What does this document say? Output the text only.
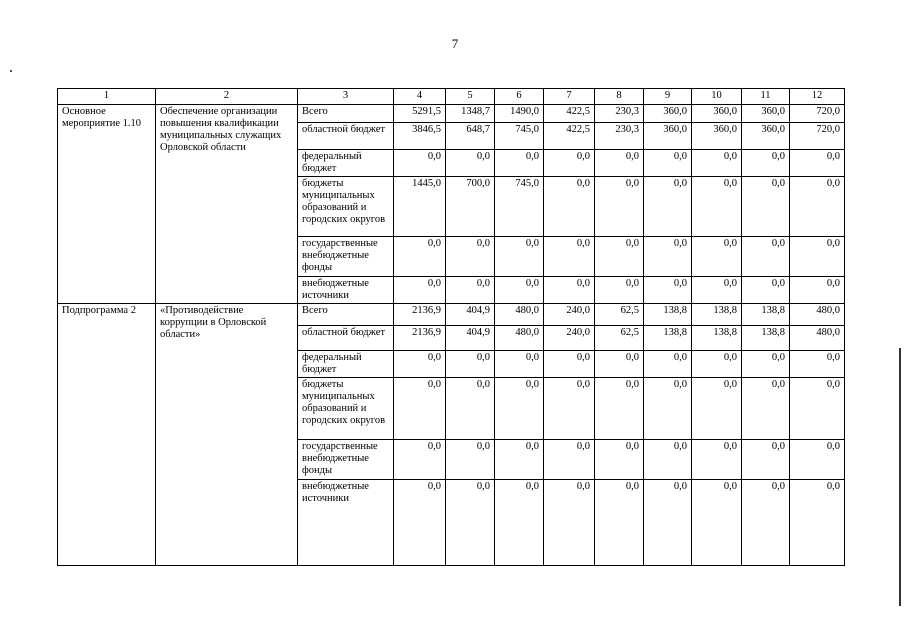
7
1	2	3	4	5	6	7	8	9	10	11	12
Основное мероприятие 1.10	Обеспечение организации повышения квалификации муниципальных служащих Орловской области	Всего	5291,5	1348,7	1490,0	422,5	230,3	360,0	360,0	360,0	720,0
		областной бюджет	3846,5	648,7	745,0	422,5	230,3	360,0	360,0	360,0	720,0
		федеральный бюджет	0,0	0,0	0,0	0,0	0,0	0,0	0,0	0,0	0,0
		бюджеты муниципальных образований и городских округов	1445,0	700,0	745,0	0,0	0,0	0,0	0,0	0,0	0,0
		государственные внебюджетные фонды	0,0	0,0	0,0	0,0	0,0	0,0	0,0	0,0	0,0
		внебюджетные источники	0,0	0,0	0,0	0,0	0,0	0,0	0,0	0,0	0,0
Подпрограмма 2	«Противодействие коррупции в Орловской области»	Всего	2136,9	404,9	480,0	240,0	62,5	138,8	138,8	138,8	480,0
		областной бюджет	2136,9	404,9	480,0	240,0	62,5	138,8	138,8	138,8	480,0
		федеральный бюджет	0,0	0,0	0,0	0,0	0,0	0,0	0,0	0,0	0,0
		бюджеты муниципальных образований и городских округов	0,0	0,0	0,0	0,0	0,0	0,0	0,0	0,0	0,0
		государственные внебюджетные фонды	0,0	0,0	0,0	0,0	0,0	0,0	0,0	0,0	0,0
		внебюджетные источники	0,0	0,0	0,0	0,0	0,0	0,0	0,0	0,0	0,0
